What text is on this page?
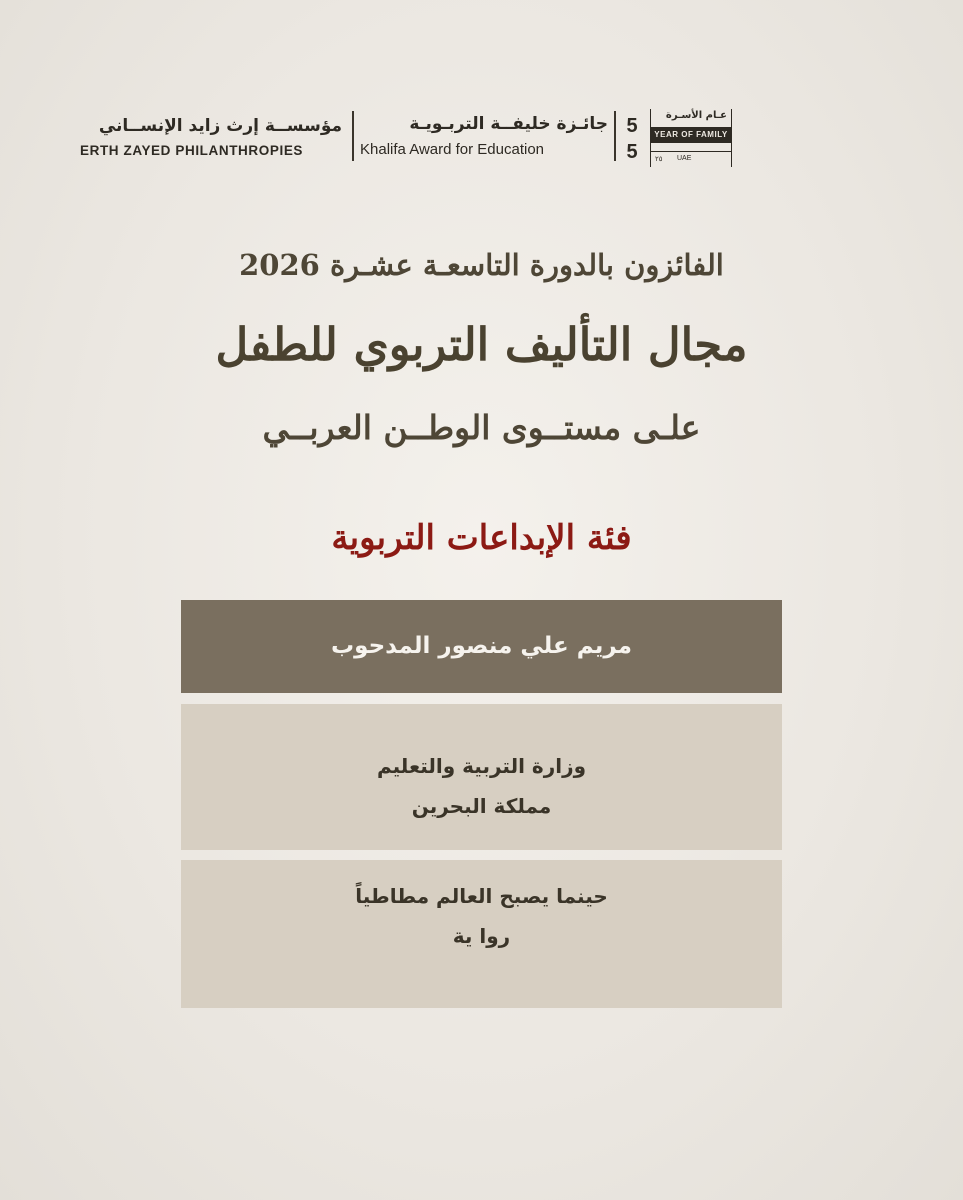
مؤسســة إرث زايد الإنســاني
ERTH ZAYED PHILANTHROPIES
جائـزة خليفــة التربـويـة
Khalifa Award for Education
5
5
عـام الأسـرة
YEAR OF FAMILY
۲٥ UAE
الفائزون بالدورة التاسعـة عشـرة 2026
مجال التأليف التربوي للطفل
علـى مستــوى الوطــن العربــي
فئة الإبداعات التربوية
مريم علي منصور المدحوب
وزارة التربية والتعليم
مملكة البحرين
حينما يصبح العالم مطاطياً
روا ية
